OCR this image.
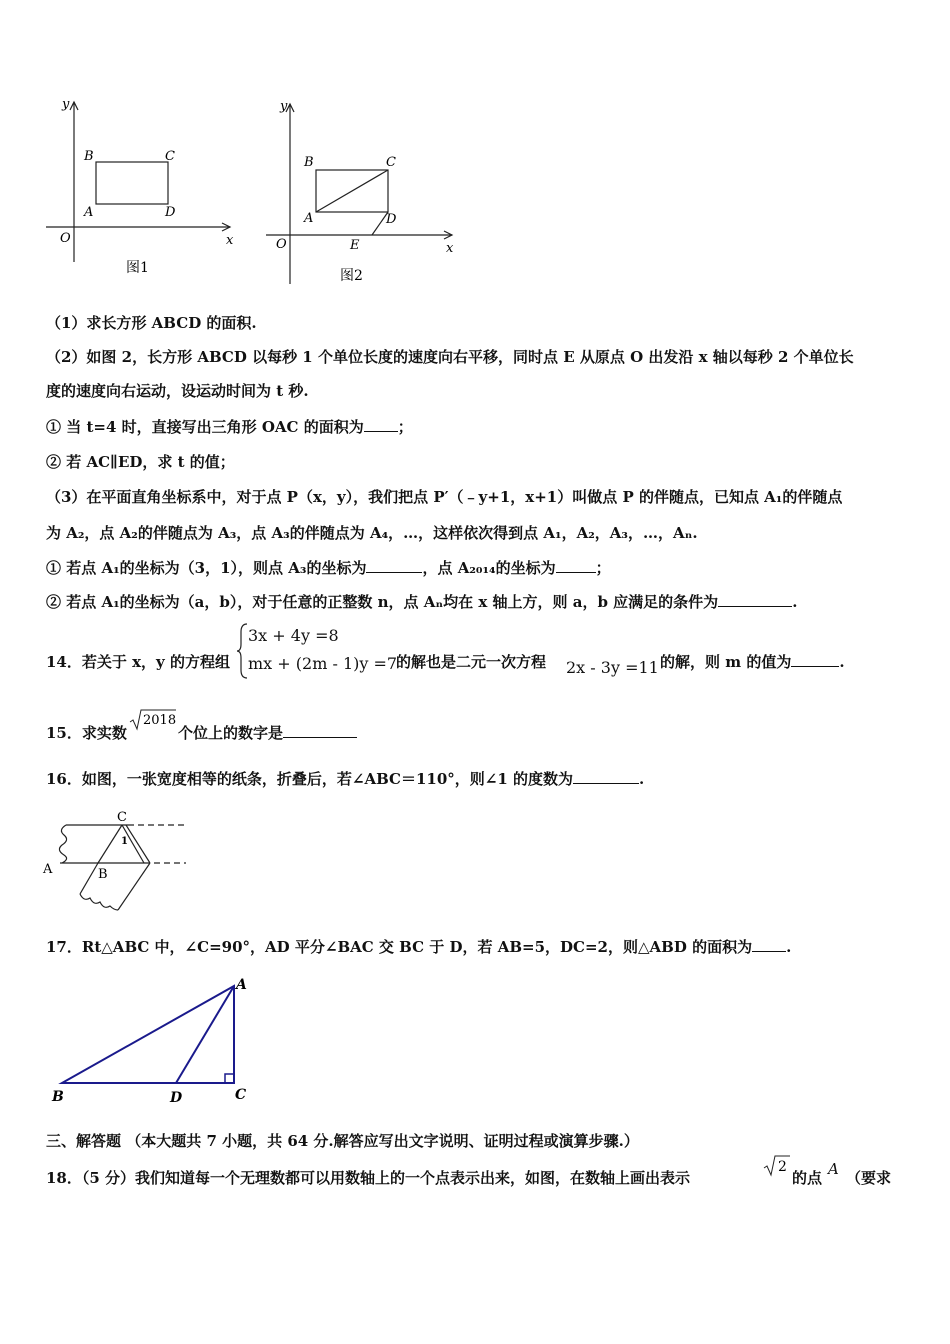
y
x
O
B	C
A	D
图1
y
x
O
B	C
A	D
E
图2
（1）求长方形 ABCD 的面积.
（2）如图 2，长方形 ABCD 以每秒 1 个单位长度的速度向右平移，同时点 E 从原点 O 出发沿 x 轴以每秒 2 个单位长
度的速度向右运动，设运动时间为 t 秒.
① 当 t=4 时，直接写出三角形 OAC 的面积为 ；
② 若 AC∥ED，求 t 的值；
（3）在平面直角坐标系中，对于点 P（x，y），我们把点 P′（﹣y+1，x+1）叫做点 P 的伴随点，已知点 A₁的伴随点
为 A₂，点 A₂的伴随点为 A₃，点 A₃的伴随点为 A₄，…，这样依次得到点 A₁，A₂，A₃，…，Aₙ.
① 若点 A₁的坐标为（3，1），则点 A₃的坐标为	，点 A₂₀₁₄的坐标为	；
② 若点 A₁的坐标为（a，b），对于任意的正整数 n，点 Aₙ均在 x 轴上方，则 a，b 应满足的条件为	.
14．若关于 x，y 的方程组
3x + 4y =8
mx + (2m - 1)y =7
的解也是二元一次方程 2x - 3y =11 的解，则 m 的值为	.
15．求实数
2018
个位上的数字是
16．如图，一张宽度相等的纸条，折叠后，若∠ABC＝110°，则∠1 的度数为	.
C
1
A	B
17．Rt△ABC 中，∠C=90°，AD 平分∠BAC 交 BC 于 D，若 AB=5，DC=2，则△ABD 的面积为 .
A
B	D	C
三、解答题 （本大题共 7 小题，共 64 分.解答应写出文字说明、证明过程或演算步骤.）
18．（5 分）我们知道每一个无理数都可以用数轴上的一个点表示出来，如图，在数轴上画出表示
2
的点 A （要求
